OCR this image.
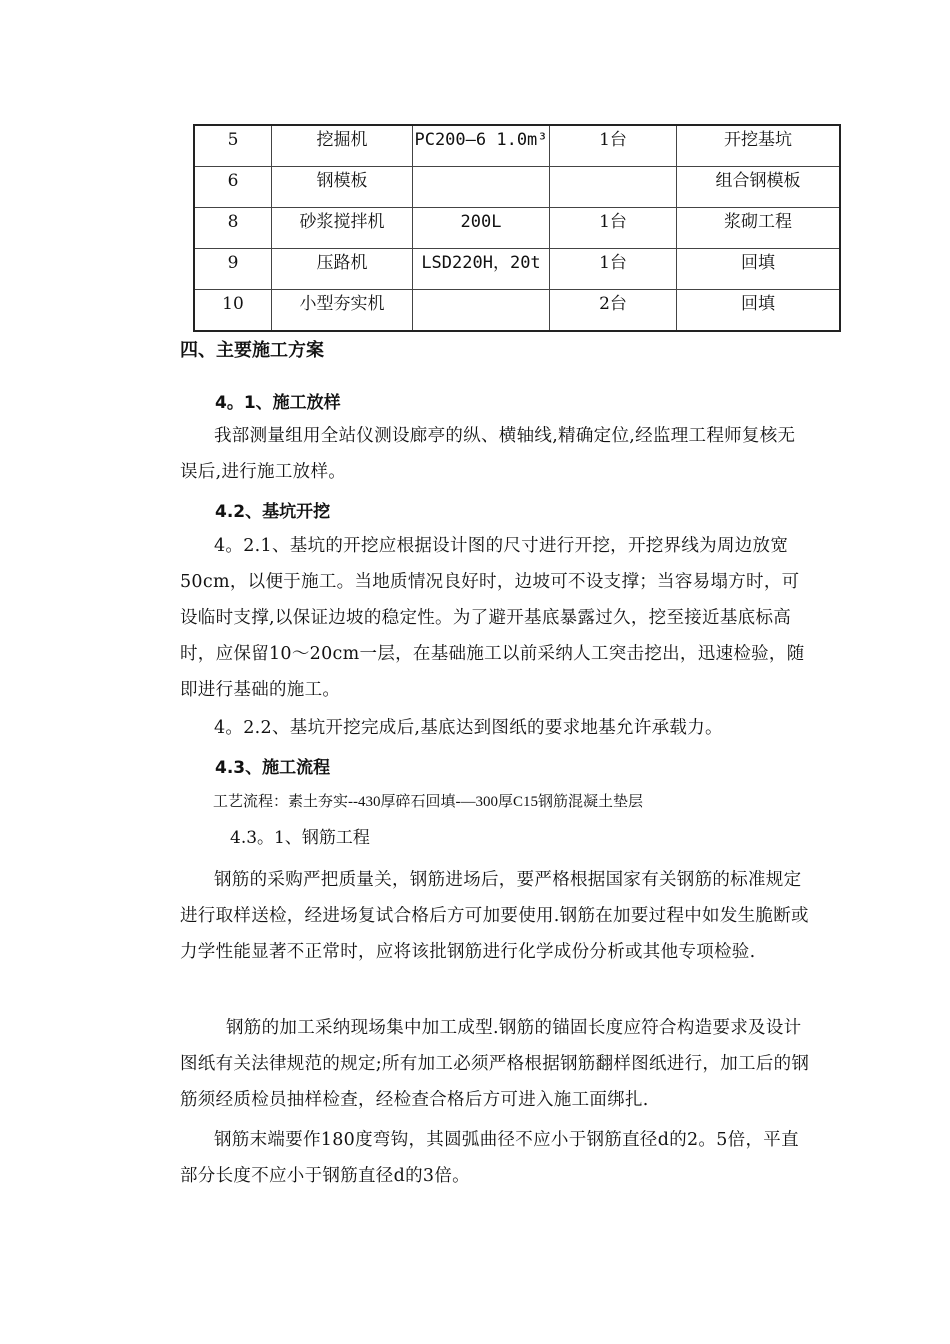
5	挖掘机	PC200—6 1.0m³	1台	开挖基坑
6	钢模板			组合钢模板
8	砂浆搅拌机	200L	1台	浆砌工程
9	压路机	LSD220H，20t	1台	回填
10	小型夯实机		2台	回填
四、主要施工方案
4。1、施工放样

我部测量组用全站仪测设廊亭的纵、横轴线,精确定位,经监理工程师复核无误后,进行施工放样。

4.2、基坑开挖

4。2.1、基坑的开挖应根据设计图的尺寸进行开挖，开挖界线为周边放宽50cm，以便于施工。当地质情况良好时，边坡可不设支撑；当容易塌方时，可设临时支撑,以保证边坡的稳定性。为了避开基底暴露过久，挖至接近基底标高时，应保留10～20cm一层，在基础施工以前采纳人工突击挖出，迅速检验，随即进行基础的施工。

4。2.2、基坑开挖完成后,基底达到图纸的要求地基允许承载力。

4.3、施工流程
工艺流程：素土夯实--430厚碎石回填-—300厚C15钢筋混凝土垫层
4.3。1、钢筋工程

钢筋的采购严把质量关，钢筋进场后，要严格根据国家有关钢筋的标准规定进行取样送检，经进场复试合格后方可加要使用.钢筋在加要过程中如发生脆断或力学性能显著不正常时，应将该批钢筋进行化学成份分析或其他专项检验.

钢筋的加工采纳现场集中加工成型.钢筋的锚固长度应符合构造要求及设计图纸有关法律规范的规定;所有加工必须严格根据钢筋翻样图纸进行，加工后的钢筋须经质检员抽样检查，经检查合格后方可进入施工面绑扎.

钢筋末端要作180度弯钩，其圆弧曲径不应小于钢筋直径d的2。5倍，平直部分长度不应小于钢筋直径d的3倍。
